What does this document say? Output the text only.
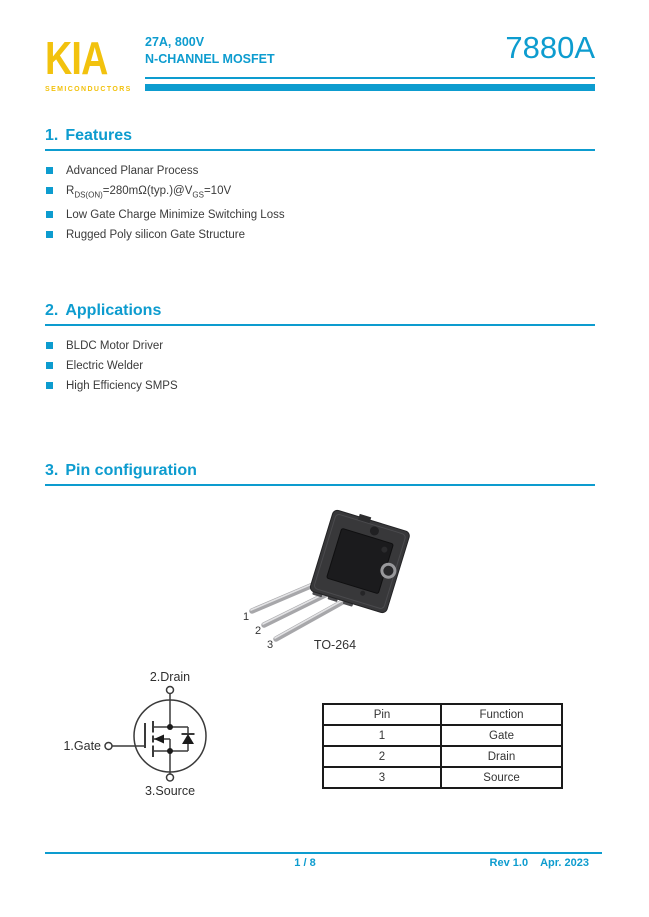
KIA
SEMICONDUCTORS
27A, 800V
N-CHANNEL MOSFET	7880A
1. Features
Advanced Planar Process
$R_{DS(ON)}=280m\Omega(typ.)@V_{GS}=10V$
Low Gate Charge Minimize Switching Loss
Rugged Poly silicon Gate Structure
2. Applications
BLDC Motor Driver
Electric Welder
High Efficiency SMPS
3. Pin configuration
1
2
3	TO-264
2.Drain
1.Gate
3.Source
Pin	Function
1	Gate
2	Drain
3	Source
1 / 8	Rev 1.0 Apr. 2023
